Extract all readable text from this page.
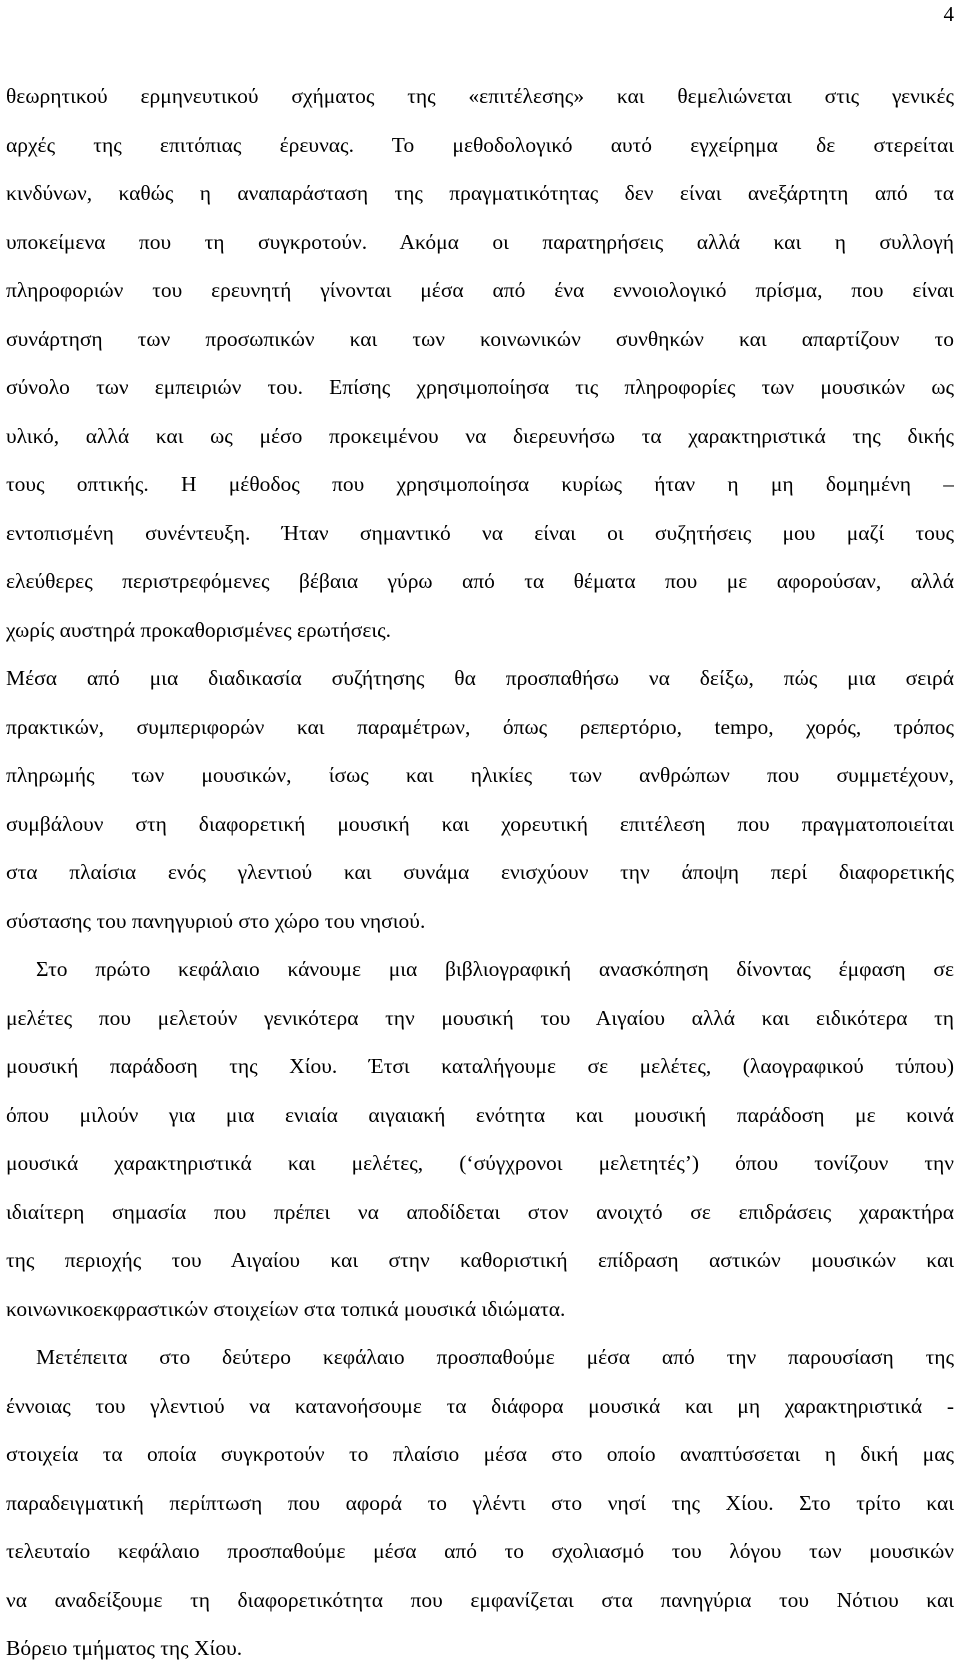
4
θεωρητικού ερμηνευτικού σχήματος της «επιτέλεσης» και θεμελιώνεται στις γενικές
αρχές της επιτόπιας έρευνας. Το μεθοδολογικό αυτό εγχείρημα δε στερείται
κινδύνων, καθώς η αναπαράσταση της πραγματικότητας δεν είναι ανεξάρτητη από τα
υποκείμενα που τη συγκροτούν. Ακόμα οι παρατηρήσεις αλλά και η συλλογή
πληροφοριών του ερευνητή γίνονται μέσα από ένα εννοιολογικό πρίσμα, που είναι
συνάρτηση των προσωπικών και των κοινωνικών συνθηκών και απαρτίζουν το
σύνολο των εμπειριών του. Επίσης χρησιμοποίησα τις πληροφορίες των μουσικών ως
υλικό, αλλά και ως μέσο προκειμένου να διερευνήσω τα χαρακτηριστικά της δικής
τους οπτικής. Η μέθοδος που χρησιμοποίησα κυρίως ήταν η μη δομημένη –
εντοπισμένη συνέντευξη. Ήταν σημαντικό να είναι οι συζητήσεις μου μαζί τους
ελεύθερες περιστρεφόμενες βέβαια γύρω από τα θέματα που με αφορούσαν, αλλά
χωρίς αυστηρά προκαθορισμένες ερωτήσεις.
Μέσα από μια διαδικασία συζήτησης θα προσπαθήσω να δείξω, πώς μια σειρά
πρακτικών, συμπεριφορών και παραμέτρων, όπως ρεπερτόριο, tempo, χορός, τρόπος
πληρωμής των μουσικών, ίσως και ηλικίες των ανθρώπων που συμμετέχουν,
συμβάλουν στη διαφορετική μουσική και χορευτική επιτέλεση που πραγματοποιείται
στα πλαίσια ενός γλεντιού και συνάμα ενισχύουν την άποψη περί διαφορετικής
σύστασης του πανηγυριού στο χώρο του νησιού.
Στο πρώτο κεφάλαιο κάνουμε μια βιβλιογραφική ανασκόπηση δίνοντας έμφαση σε
μελέτες που μελετούν γενικότερα την μουσική του Αιγαίου αλλά και ειδικότερα τη
μουσική παράδοση της Χίου. Έτσι καταλήγουμε σε μελέτες, (λαογραφικού τύπου)
όπου μιλούν για μια ενιαία αιγαιακή ενότητα και μουσική παράδοση με κοινά
μουσικά χαρακτηριστικά και μελέτες, (‘σύγχρονοι μελετητές’) όπου τονίζουν την
ιδιαίτερη σημασία που πρέπει να αποδίδεται στον ανοιχτό σε επιδράσεις χαρακτήρα
της περιοχής του Αιγαίου και στην καθοριστική επίδραση αστικών μουσικών και
κοινωνικοεκφραστικών στοιχείων στα τοπικά μουσικά ιδιώματα.
Μετέπειτα στο δεύτερο κεφάλαιο προσπαθούμε μέσα από την παρουσίαση της
έννοιας του γλεντιού να κατανοήσουμε τα διάφορα μουσικά και μη χαρακτηριστικά -
στοιχεία τα οποία συγκροτούν το πλαίσιο μέσα στο οποίο αναπτύσσεται η δική μας
παραδειγματική περίπτωση που αφορά το γλέντι στο νησί της Χίου. Στο τρίτο και
τελευταίο κεφάλαιο προσπαθούμε μέσα από το σχολιασμό του λόγου των μουσικών
να αναδείξουμε τη διαφορετικότητα που εμφανίζεται στα πανηγύρια του Νότιου και
Βόρειο τμήματος της Χίου.
